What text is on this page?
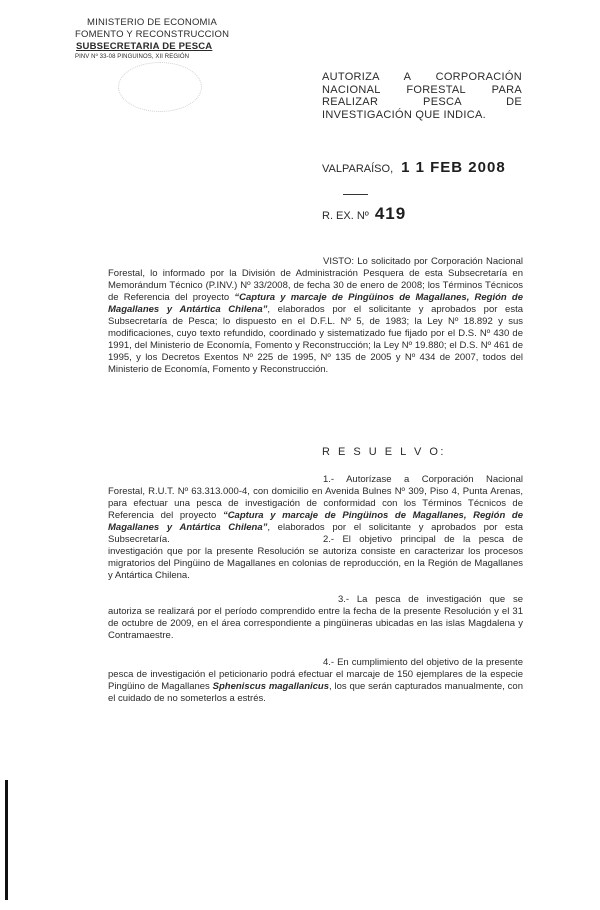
MINISTERIO DE ECONOMIA
FOMENTO Y RECONSTRUCCION
SUBSECRETARIA DE PESCA
PINV Nº 33-08 PINGUINOS, XII REGIÓN
AUTORIZA A CORPORACIÓN NACIONAL FORESTAL PARA REALIZAR PESCA DE INVESTIGACIÓN QUE INDICA.
VALPARAÍSO, 1 1 FEB 2008
R. EX. Nº 419
VISTO: Lo solicitado por Corporación Nacional Forestal, lo informado por la División de Administración Pesquera de esta Subsecretaría en Memorándum Técnico (P.INV.) Nº 33/2008, de fecha 30 de enero de 2008; los Términos Técnicos de Referencia del proyecto “Captura y marcaje de Pingüinos de Magallanes, Región de Magallanes y Antártica Chilena”, elaborados por el solicitante y aprobados por esta Subsecretaría de Pesca; lo dispuesto en el D.F.L. Nº 5, de 1983; la Ley Nº 18.892 y sus modificaciones, cuyo texto refundido, coordinado y sistematizado fue fijado por el D.S. Nº 430 de 1991, del Ministerio de Economía, Fomento y Reconstrucción; la Ley Nº 19.880; el D.S. Nº 461 de 1995, y los Decretos Exentos Nº 225 de 1995, Nº 135 de 2005 y Nº 434 de 2007, todos del Ministerio de Economía, Fomento y Reconstrucción.
R E S U E L V O:
1.- Autorízase a Corporación Nacional Forestal, R.U.T. Nº 63.313.000-4, con domicilio en Avenida Bulnes Nº 309, Piso 4, Punta Arenas, para efectuar una pesca de investigación de conformidad con los Términos Técnicos de Referencia del proyecto “Captura y marcaje de Pingüinos de Magallanes, Región de Magallanes y Antártica Chilena”, elaborados por el solicitante y aprobados por esta Subsecretaría.	2.- El objetivo principal de la pesca de investigación que por la presente Resolución se autoriza consiste en caracterizar los procesos migratorios del Pingüino de Magallanes en colonias de reproducción, en la Región de Magallanes y Antártica Chilena.
3.- La pesca de investigación que se autoriza se realizará por el período comprendido entre la fecha de la presente Resolución y el 31 de octubre de 2009, en el área correspondiente a pingüineras ubicadas en las islas Magdalena y Contramaestre.
4.- En cumplimiento del objetivo de la presente pesca de investigación el peticionario podrá efectuar el marcaje de 150 ejemplares de la especie Pingüino de Magallanes Spheniscus magallanicus, los que serán capturados manualmente, con el cuidado de no someterlos a estrés.
